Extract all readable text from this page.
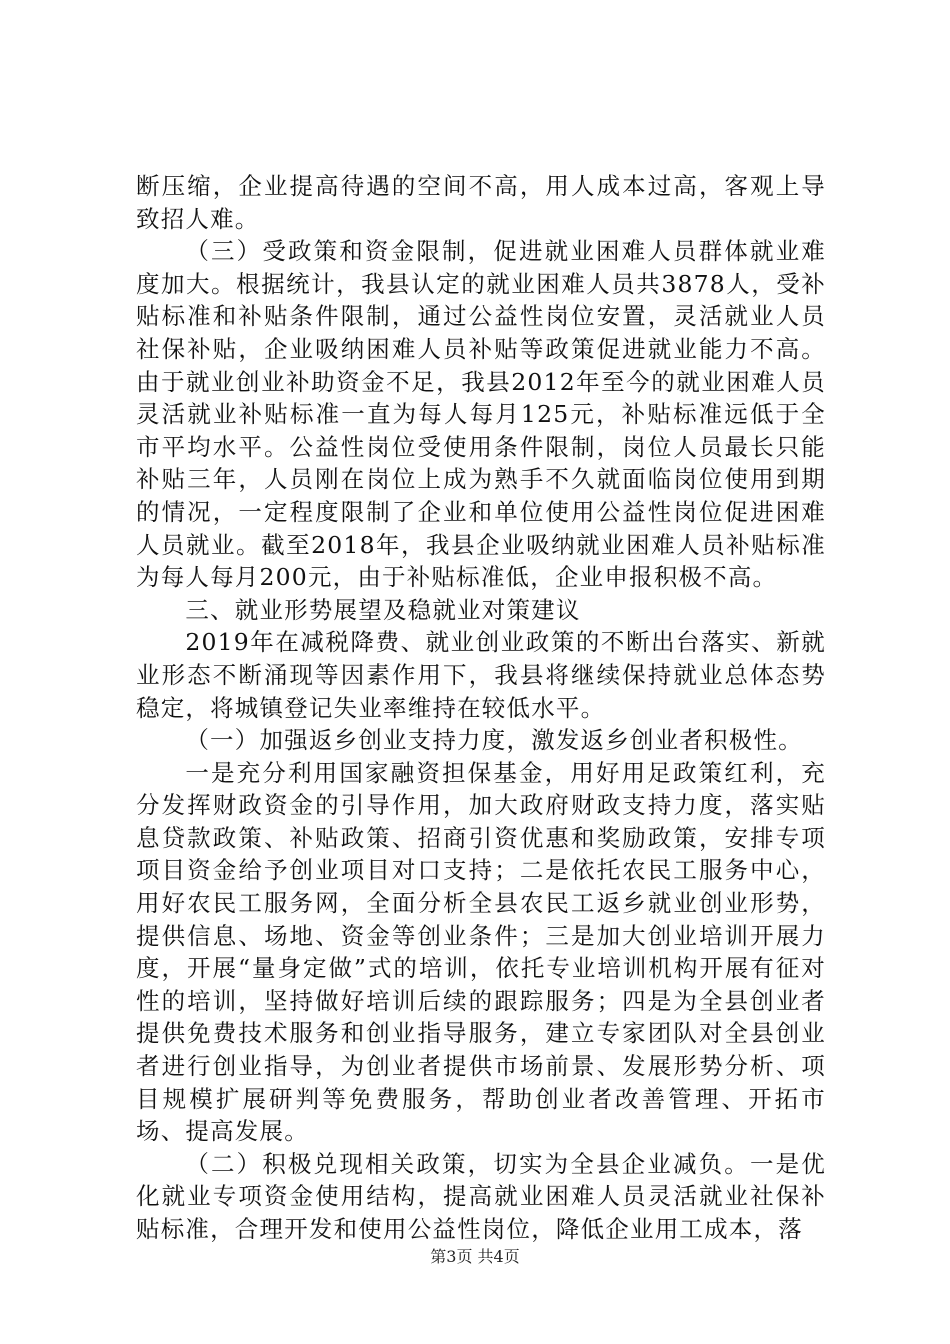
断压缩，企业提高待遇的空间不高，用人成本过高，客观上导致招人难。

（三）受政策和资金限制，促进就业困难人员群体就业难度加大。根据统计，我县认定的就业困难人员共3878人，受补贴标准和补贴条件限制，通过公益性岗位安置，灵活就业人员社保补贴，企业吸纳困难人员补贴等政策促进就业能力不高。由于就业创业补助资金不足，我县2012年至今的就业困难人员灵活就业补贴标准一直为每人每月125元，补贴标准远低于全市平均水平。公益性岗位受使用条件限制，岗位人员最长只能补贴三年，人员刚在岗位上成为熟手不久就面临岗位使用到期的情况，一定程度限制了企业和单位使用公益性岗位促进困难人员就业。截至2018年，我县企业吸纳就业困难人员补贴标准为每人每月200元，由于补贴标准低，企业申报积极不高。

三、就业形势展望及稳就业对策建议

2019年在减税降费、就业创业政策的不断出台落实、新就业形态不断涌现等因素作用下，我县将继续保持就业总体态势稳定，将城镇登记失业率维持在较低水平。

（一）加强返乡创业支持力度，激发返乡创业者积极性。

一是充分利用国家融资担保基金，用好用足政策红利，充分发挥财政资金的引导作用，加大政府财政支持力度，落实贴息贷款政策、补贴政策、招商引资优惠和奖励政策，安排专项项目资金给予创业项目对口支持；二是依托农民工服务中心，用好农民工服务网，全面分析全县农民工返乡就业创业形势，提供信息、场地、资金等创业条件；三是加大创业培训开展力度，开展“量身定做”式的培训，依托专业培训机构开展有征对性的培训，坚持做好培训后续的跟踪服务；四是为全县创业者提供免费技术服务和创业指导服务，建立专家团队对全县创业者进行创业指导，为创业者提供市场前景、发展形势分析、项目规模扩展研判等免费服务，帮助创业者改善管理、开拓市场、提高发展。

（二）积极兑现相关政策，切实为全县企业减负。一是优化就业专项资金使用结构，提高就业困难人员灵活就业社保补贴标准，合理开发和使用公益性岗位，降低企业用工成本，落

第3页 共4页
